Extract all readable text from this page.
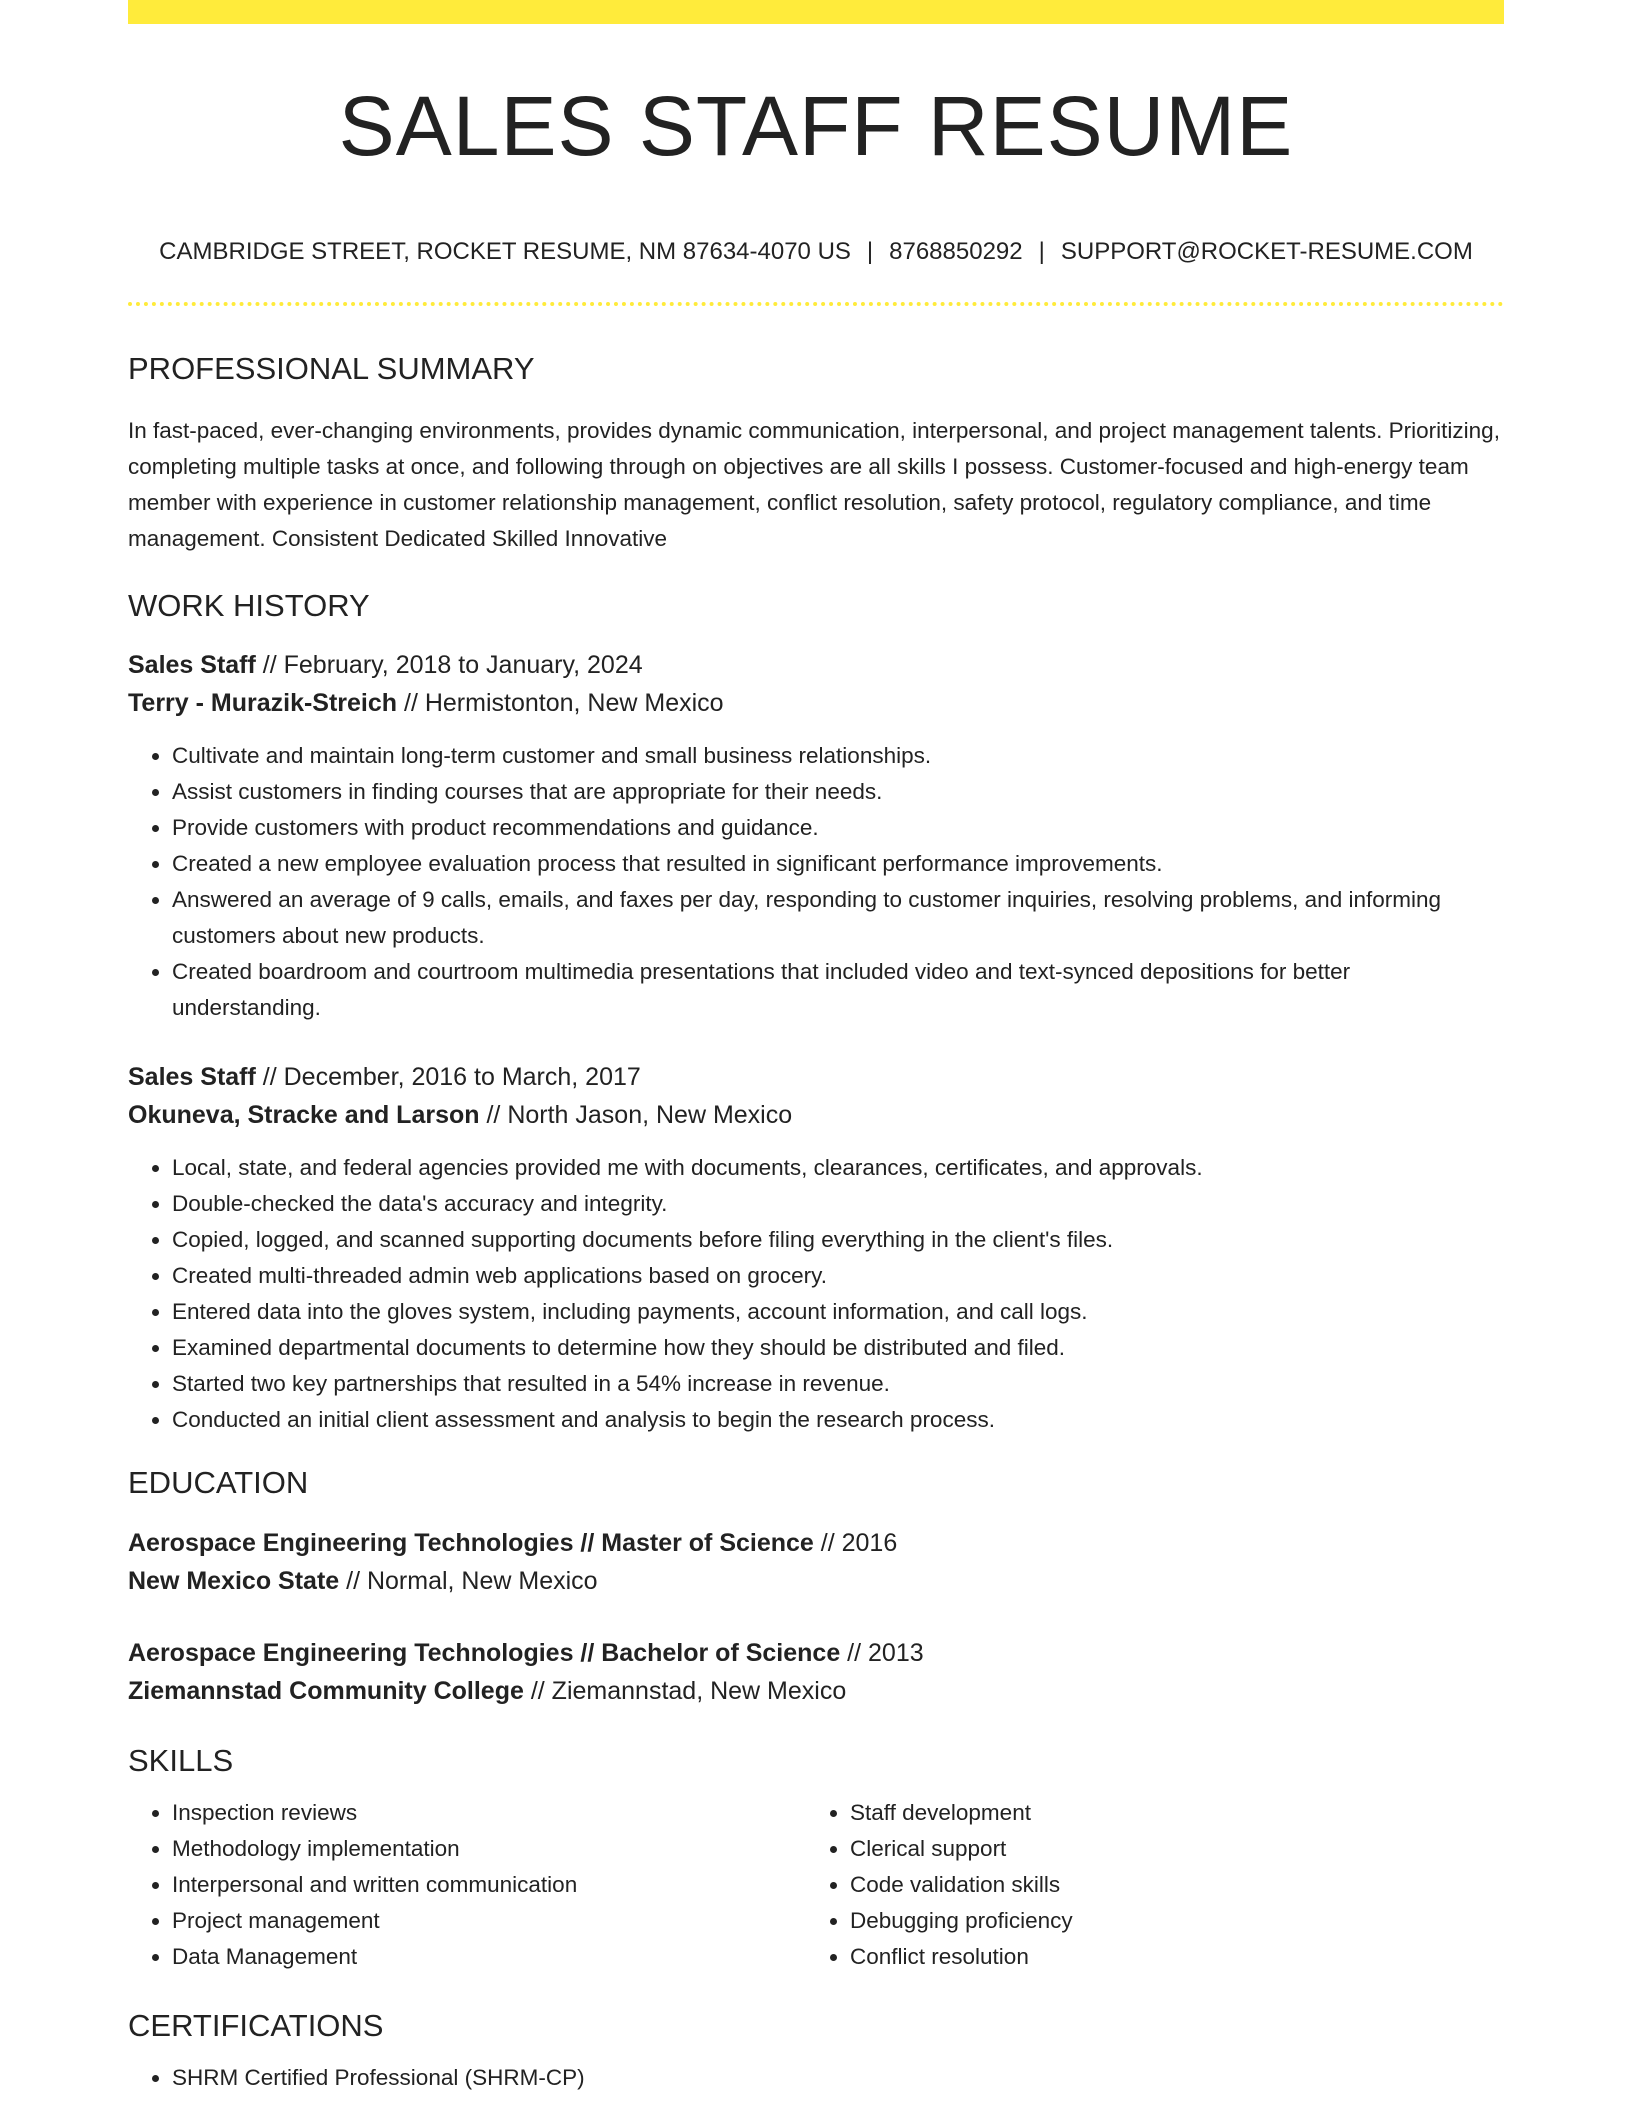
SALES STAFF RESUME
CAMBRIDGE STREET, ROCKET RESUME, NM 87634-4070 US | 8768850292 | SUPPORT@ROCKET-RESUME.COM
PROFESSIONAL SUMMARY

In fast-paced, ever-changing environments, provides dynamic communication, interpersonal, and project management talents. Prioritizing, completing multiple tasks at once, and following through on objectives are all skills I possess. Customer-focused and high-energy team member with experience in customer relationship management, conflict resolution, safety protocol, regulatory compliance, and time management. Consistent Dedicated Skilled Innovative

WORK HISTORY
Sales Staff // February, 2018 to January, 2024
Terry - Murazik-Streich // Hermistonton, New Mexico
• Cultivate and maintain long-term customer and small business relationships.
• Assist customers in finding courses that are appropriate for their needs.
• Provide customers with product recommendations and guidance.
• Created a new employee evaluation process that resulted in significant performance improvements.
• Answered an average of 9 calls, emails, and faxes per day, responding to customer inquiries, resolving problems, and informing customers about new products.
• Created boardroom and courtroom multimedia presentations that included video and text-synced depositions for better understanding.
Sales Staff // December, 2016 to March, 2017
Okuneva, Stracke and Larson // North Jason, New Mexico
• Local, state, and federal agencies provided me with documents, clearances, certificates, and approvals.
• Double-checked the data's accuracy and integrity.
• Copied, logged, and scanned supporting documents before filing everything in the client's files.
• Created multi-threaded admin web applications based on grocery.
• Entered data into the gloves system, including payments, account information, and call logs.
• Examined departmental documents to determine how they should be distributed and filed.
• Started two key partnerships that resulted in a 54% increase in revenue.
• Conducted an initial client assessment and analysis to begin the research process.
EDUCATION
Aerospace Engineering Technologies // Master of Science // 2016
New Mexico State // Normal, New Mexico
Aerospace Engineering Technologies // Bachelor of Science // 2013
Ziemannstad Community College // Ziemannstad, New Mexico
SKILLS
• Inspection reviews
• Methodology implementation
• Interpersonal and written communication
• Project management
• Data Management
• Staff development
• Clerical support
• Code validation skills
• Debugging proficiency
• Conflict resolution
CERTIFICATIONS
• SHRM Certified Professional (SHRM-CP)
